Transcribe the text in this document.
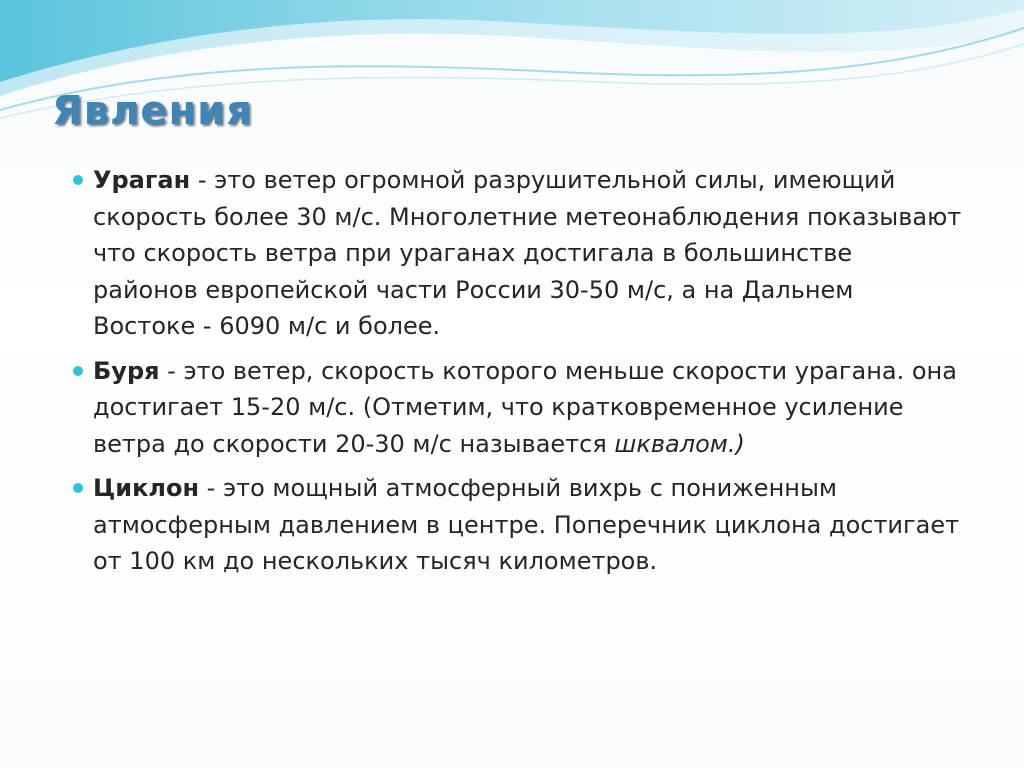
Явления
Ураган - это ветер огромной разрушительной силы, имеющий скорость более 30 м/с. Многолетние метеонаблюдения показывают что скорость ветра при ураганах достигала в большинстве районов европейской части России 30-50 м/с, а на Дальнем Востоке - 6090 м/с и более.
Буря - это ветер, скорость которого меньше скорости урагана. она достигает 15-20 м/с. (Отметим, что кратковременное усиление ветра до скорости 20-30 м/с называется шквалом.)
Циклон - это мощный атмосферный вихрь с пониженным атмосферным давлением в центре. Поперечник циклона достигает от 100 км до нескольких тысяч километров.
